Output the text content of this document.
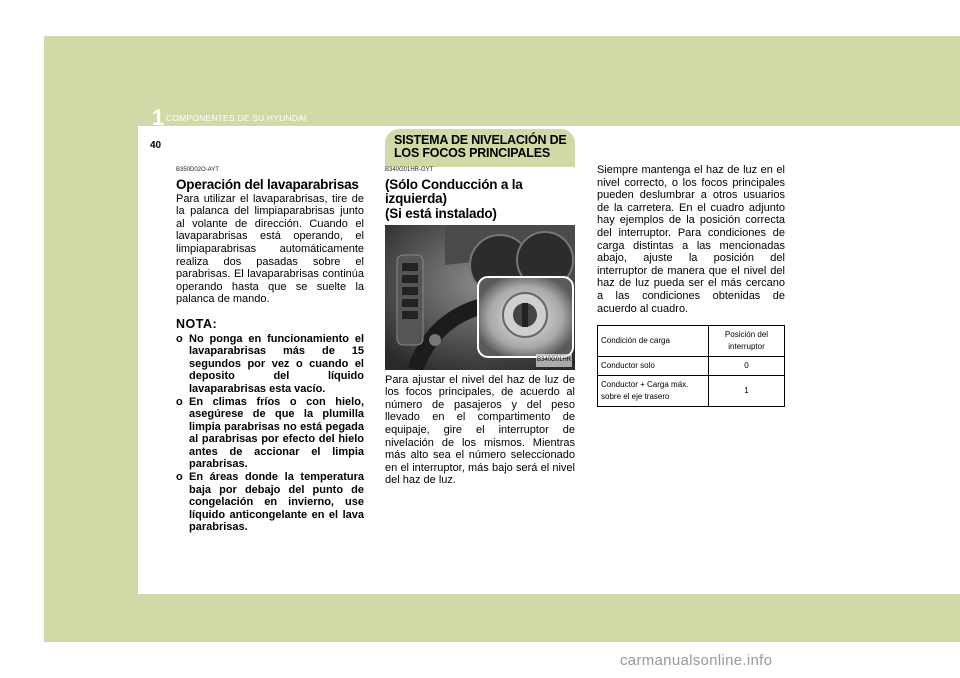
1 COMPONENTES DE SU HYUNDAI
40	SISTEMA DE NIVELACIÓN DE
LOS FOCOS PRINCIPALES
B350D02O-AYT
Operación del lavaparabrisas

Para utilizar el lavaparabrisas, tire de la palanca del limpiaparabrisas junto al volante de dirección. Cuando el lavaparabrisas está operando, el limpiaparabrisas automáticamente realiza dos pasadas sobre el parabrisas. El lavaparabrisas continúa operando hasta que se suelte la palanca de mando.

NOTA:
o No ponga en funcionamiento el lavaparabrisas más de 15 segundos por vez o cuando el deposito del líquido lavaparabrisas esta vacío.
o En climas fríos o con hielo, asegúrese de que la plumilla limpia parabrisas no está pegada al parabrisas por efecto del hielo antes de accionar el limpia parabrisas.
o En áreas donde la temperatura baja por debajo del punto de congelación en invierno, use líquido anticongelante en el lava parabrisas.
B340G01HR-GYT
(Sólo Conducción a la izquierda)
(Si está instalado)
B340G01HR

Para ajustar el nivel del haz de luz de los focos principales, de acuerdo al número de pasajeros y del peso llevado en el compartimento de equipaje, gire el interruptor de nivelación de los mismos. Mientras más alto sea el número seleccionado en el interruptor, más bajo será el nivel del haz de luz.

Siempre mantenga el haz de luz en el nivel correcto, o los focos principales pueden deslumbrar a otros usuarios de la carretera. En el cuadro adjunto hay ejemplos de la posición correcta del interruptor. Para condiciones de carga distintas a las mencionadas abajo, ajuste la posición del interruptor de manera que el nivel del haz de luz pueda ser el más cercano a las condiciones obtenidas de acuerdo al cuadro.

Condición de carga	Posición del interruptor
Conductor solo	0
Conductor + Carga máx. sobre el eje trasero	1
carmanualsonline.info
